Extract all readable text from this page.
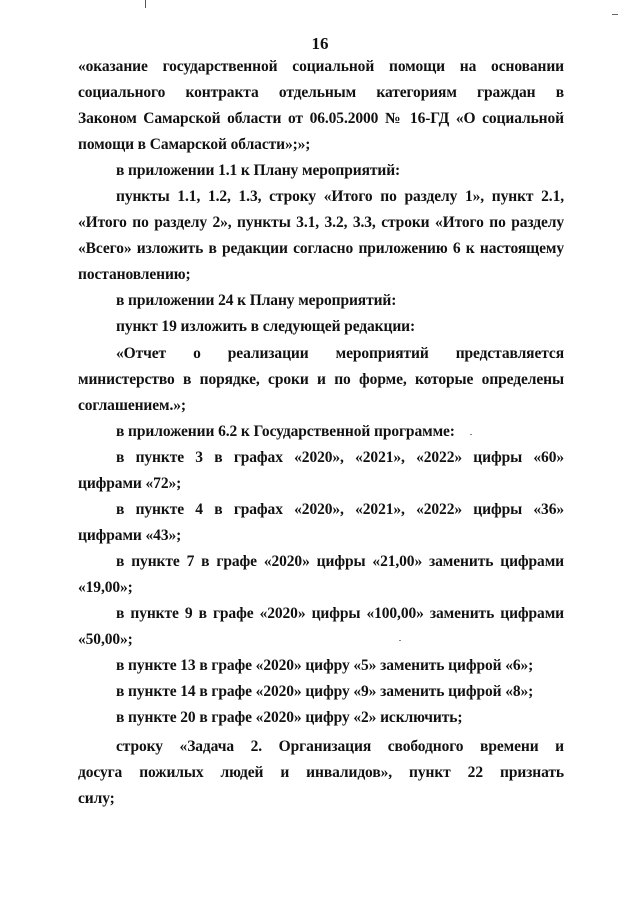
16
«оказание государственной социальной помощи на основании
социального контракта отдельным категориям граждан в
Законом Самарской области от 06.05.2000 № 16-ГД «О социальной
помощи в Самарской области»;»;
в приложении 1.1 к Плану мероприятий:
пункты 1.1, 1.2, 1.3, строку «Итого по разделу 1», пункт 2.1,
«Итого по разделу 2», пункты 3.1, 3.2, 3.3, строки «Итого по разделу
«Всего» изложить в редакции согласно приложению 6 к настоящему
постановлению;
в приложении 24 к Плану мероприятий:
пункт 19 изложить в следующей редакции:
«Отчет о реализации мероприятий представляется
министерство в порядке, сроки и по форме, которые определены
соглашением.»;
в приложении 6.2 к Государственной программе:
в пункте 3 в графах «2020», «2021», «2022» цифры «60»
цифрами «72»;
в пункте 4 в графах «2020», «2021», «2022» цифры «36»
цифрами «43»;
в пункте 7 в графе «2020» цифры «21,00» заменить цифрами
«19,00»;
в пункте 9 в графе «2020» цифры «100,00» заменить цифрами
«50,00»;
в пункте 13 в графе «2020» цифру «5» заменить цифрой «6»;
в пункте 14 в графе «2020» цифру «9» заменить цифрой «8»;
в пункте 20 в графе «2020» цифру «2» исключить;
строку «Задача 2. Организация свободного времени и
досуга пожилых людей и инвалидов», пункт 22 признать
силу;
